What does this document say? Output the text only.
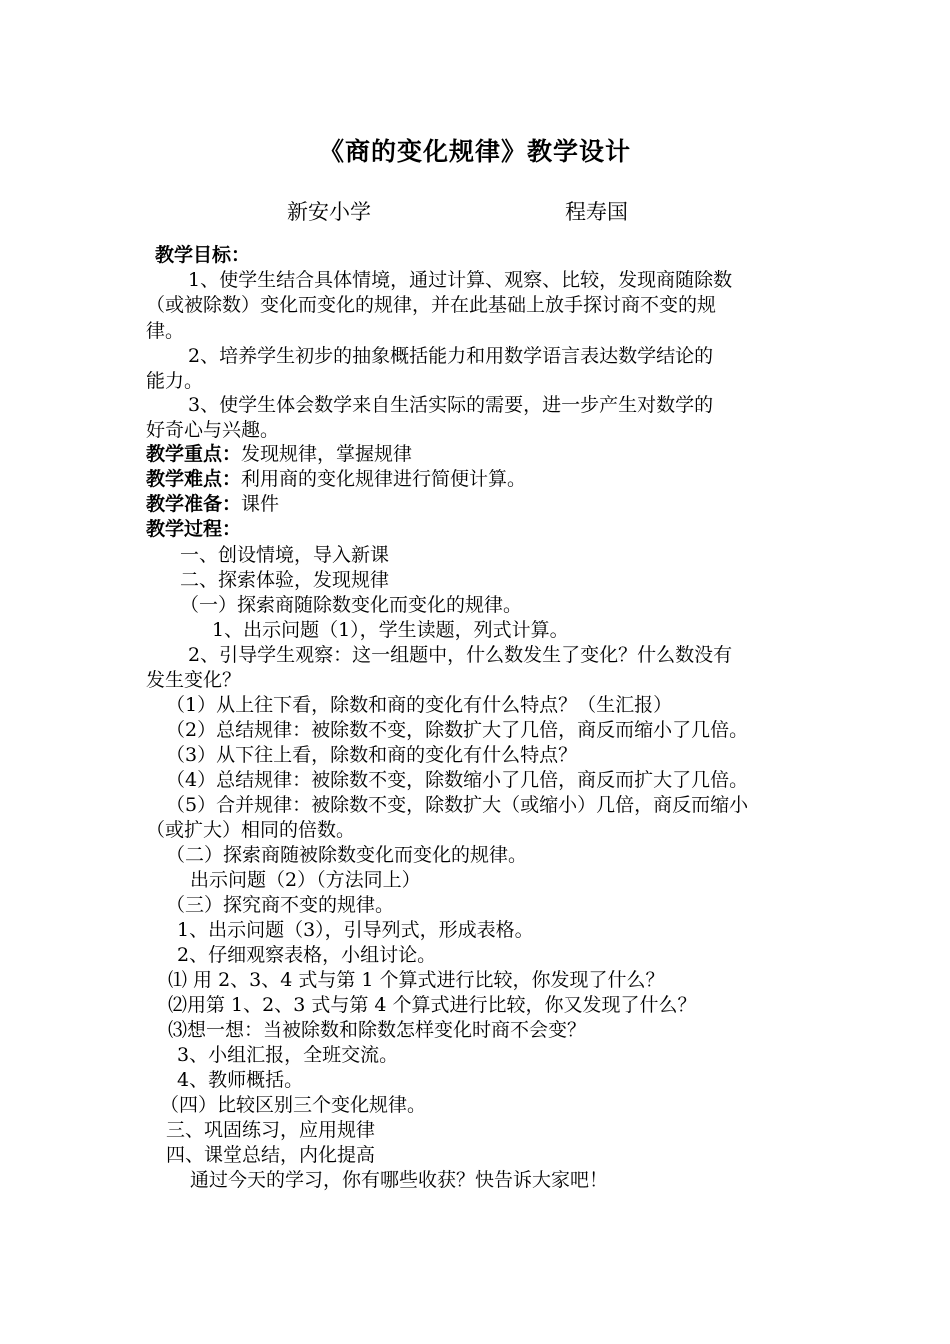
《商的变化规律》教学设计
新安小学	程寿国
教学目标：
1、使学生结合具体情境，通过计算、观察、比较，发现商随除数
（或被除数）变化而变化的规律，并在此基础上放手探讨商不变的规
律。
2、培养学生初步的抽象概括能力和用数学语言表达数学结论的
能力。
3、使学生体会数学来自生活实际的需要，进一步产生对数学的
好奇心与兴趣。
教学重点：发现规律，掌握规律
教学难点：利用商的变化规律进行简便计算。
教学准备：课件
教学过程：
一、创设情境，导入新课
二、探索体验，发现规律
（一）探索商随除数变化而变化的规律。
1、出示问题（1），学生读题，列式计算。
2、引导学生观察：这一组题中，什么数发生了变化？什么数没有
发生变化？
（1）从上往下看，除数和商的变化有什么特点？（生汇报）
（2）总结规律：被除数不变，除数扩大了几倍，商反而缩小了几倍。
（3）从下往上看，除数和商的变化有什么特点？
（4）总结规律：被除数不变，除数缩小了几倍，商反而扩大了几倍。
（5）合并规律：被除数不变，除数扩大（或缩小）几倍，商反而缩小
（或扩大）相同的倍数。
（二）探索商随被除数变化而变化的规律。
出示问题（2）（方法同上）
（三）探究商不变的规律。
1、出示问题（3），引导列式，形成表格。
2、仔细观察表格，小组讨论。
⑴ 用 2、3、4 式与第 1 个算式进行比较，你发现了什么？
⑵用第 1、2、3 式与第 4 个算式进行比较，你又发现了什么？
⑶想一想：当被除数和除数怎样变化时商不会变？
3、小组汇报，全班交流。
4、教师概括。
（四）比较区别三个变化规律。
三、巩固练习，应用规律
四、课堂总结，内化提高
通过今天的学习，你有哪些收获？快告诉大家吧！
